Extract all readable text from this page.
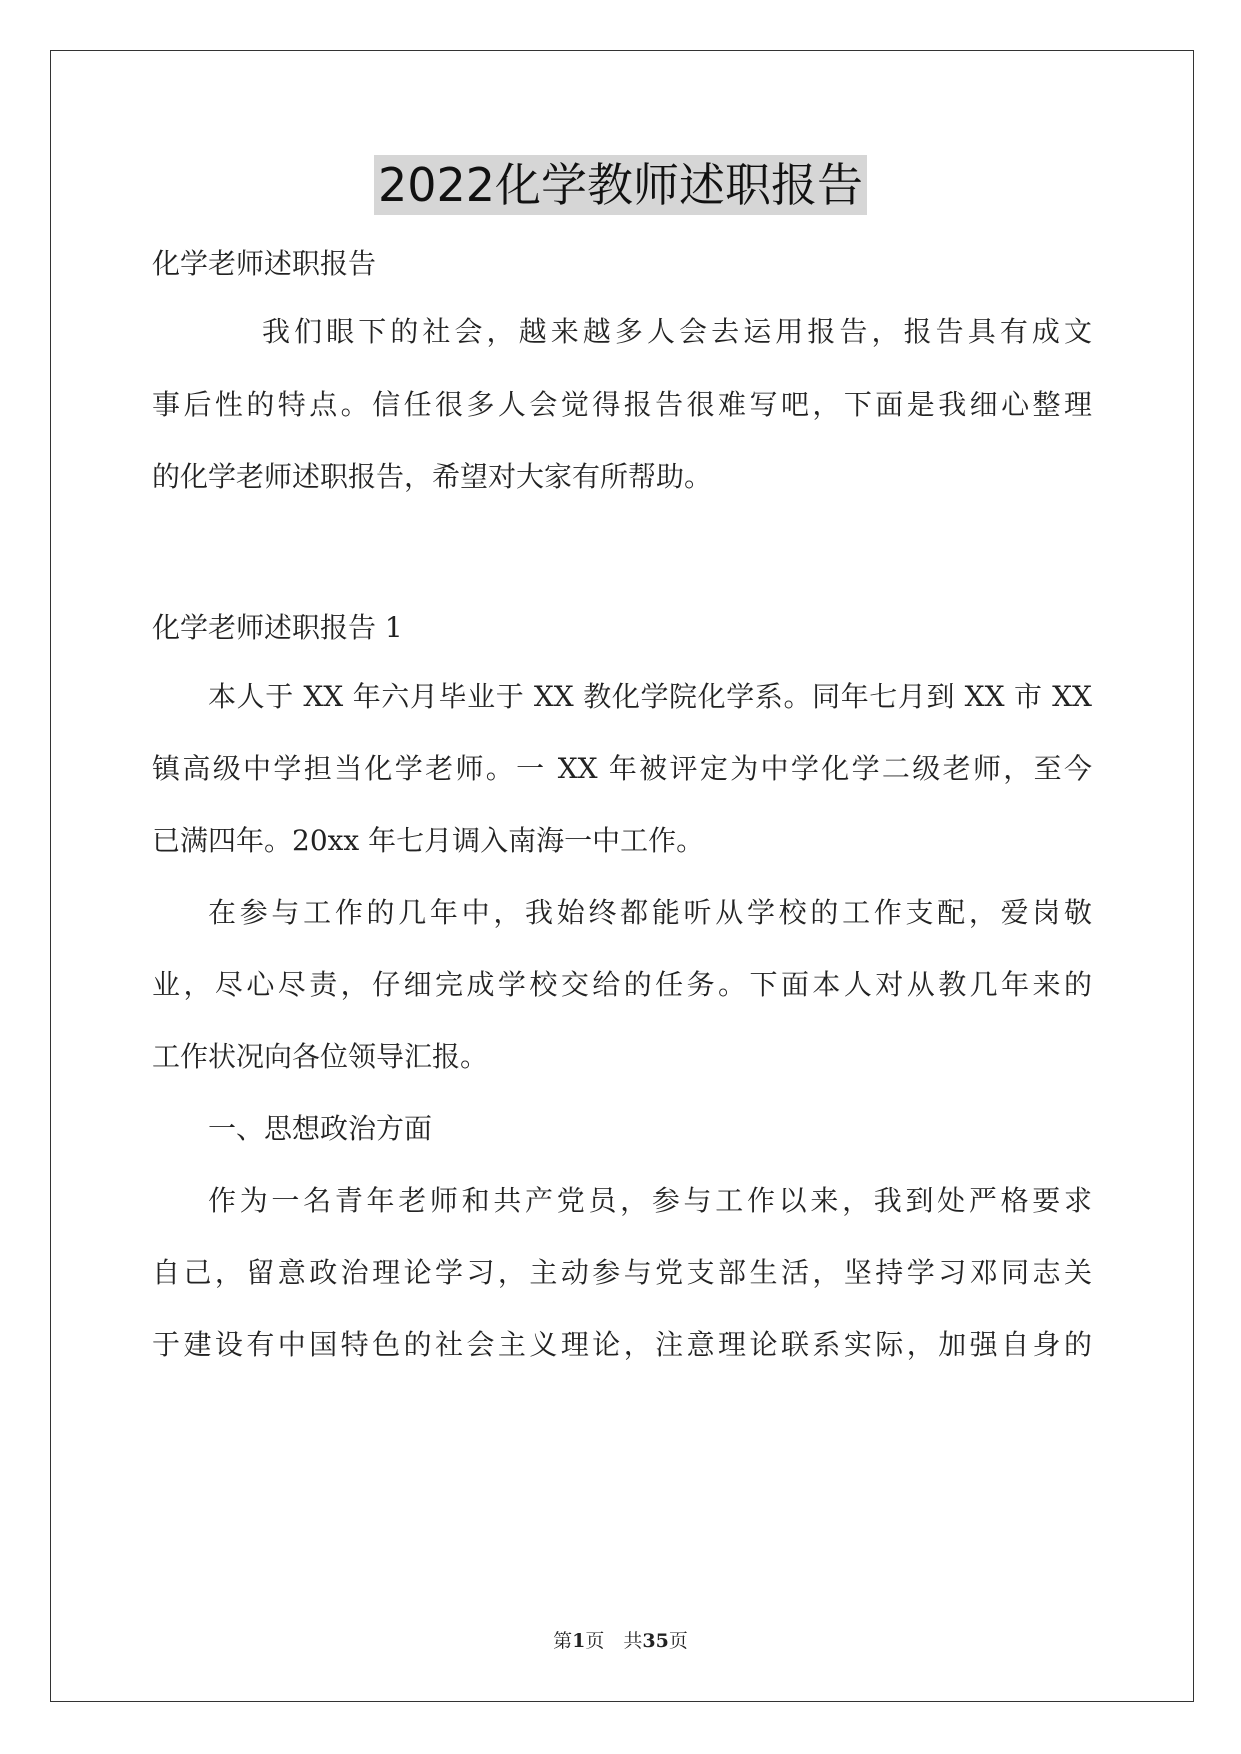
2022化学教师述职报告
化学老师述职报告
我们眼下的社会，越来越多人会去运用报告，报告具有成文
事后性的特点。信任很多人会觉得报告很难写吧，下面是我细心整理
的化学老师述职报告，希望对大家有所帮助。
化学老师述职报告 1
本人于 XX 年六月毕业于 XX 教化学院化学系。同年七月到 XX 市 XX
镇高级中学担当化学老师。一 XX 年被评定为中学化学二级老师，至今
已满四年。20xx 年七月调入南海一中工作。
在参与工作的几年中，我始终都能听从学校的工作支配，爱岗敬
业，尽心尽责，仔细完成学校交给的任务。下面本人对从教几年来的
工作状况向各位领导汇报。
一、思想政治方面
作为一名青年老师和共产党员，参与工作以来，我到处严格要求
自己，留意政治理论学习，主动参与党支部生活，坚持学习邓同志关
于建设有中国特色的社会主义理论，注意理论联系实际，加强自身的
第1页　共35页
